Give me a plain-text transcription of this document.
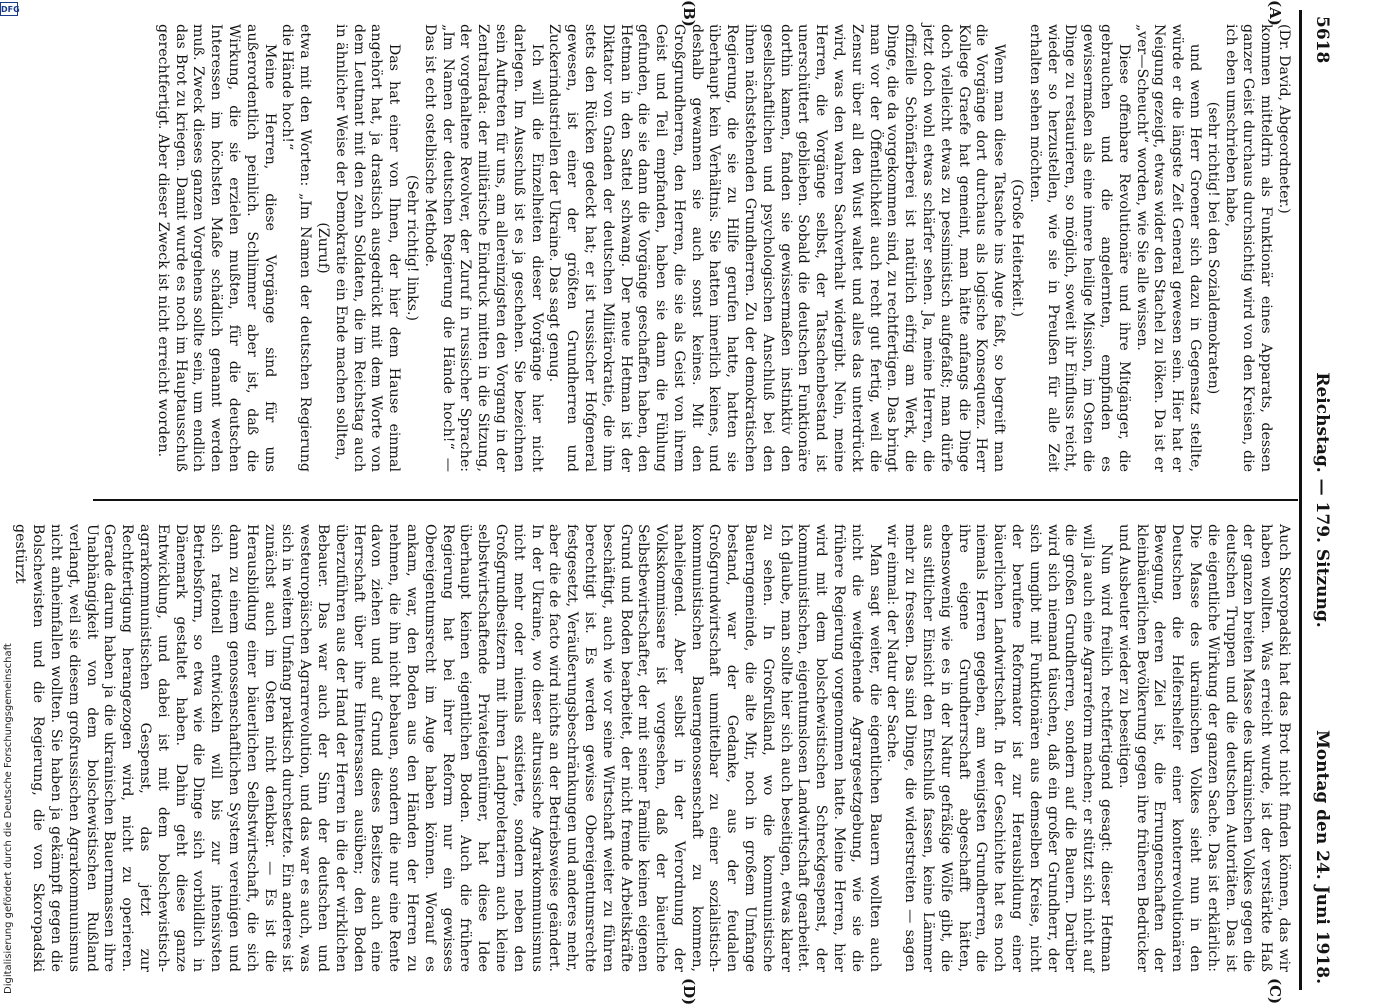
5618
Reichstag. — 179. Sitzung.
Montag den 24. Juni 1918.
(A)
(B)
(C)
(D)

(Dr. David, Abgeordneter.)

kommen mitteldrin als Funktionär eines Apparats, dessen ganzer Geist durchaus durchsichtig wird von den Kreisen, die ich eben umschrieben habe,

(sehr richtig! bei den Sozialdemokraten)

und wenn Herr Groener sich dazu in Gegensatz stellte, würde er die längste Zeit General gewesen sein. Hier hat er Neigung gezeigt, etwas wider den Stachel zu löken. Da ist er „ver—Scheucht“ worden, wie Sie alle wissen.

Diese offenbare Revolutionäre und ihre Mitgänger, die gebrauchen und die angelernten, empfinden es gewissermaßen als eine innere heilige Mission, im Osten die Dinge zu restaurieren, so möglich, soweit ihr Einfluss reicht, wieder so herzustellen, wie sie in Preußen für alle Zeit erhalten sehen möchten.

(Große Heiterkeit.)

Wenn man diese Tatsache ins Auge faßt, so begreift man die Vorgänge dort durchaus als logische Konsequenz. Herr Kollege Graefe hat gemeint, man hätte anfangs die Dinge doch vielleicht etwas zu pessimistisch aufgefaßt; man dürfe jetzt doch wohl etwas schärfer sehen. Ja, meine Herren, die offizielle Schönfärberei ist natürlich eifrig am Werk, die Dinge, die da vorgekommen sind, zu rechtfertigen. Das bringt man vor der Öffentlichkeit auch recht gut fertig, weil die Zensur über all den Wust waltet und alles das unterdrückt wird, was den wahren Sachverhalt widergibt. Nein, meine Herren, die Vorgänge selbst, der Tatsachenbestand ist unerschüttert geblieben. Sobald die deutschen Funktionäre dorthin kamen, fanden sie gewissermaßen instinktiv den gesellschaftlichen und psychologischen Anschluß bei den ihnen nächststehenden Grundherren. Zu der demokratischen Regierung, die sie zu Hilfe gerufen hatte, hatten sie überhaupt kein Verhältnis. Sie hatten innerlich keines, und deshalb gewannen sie auch sonst keines. Mit den Großgrundherren, den Herren, die sie als Geist von ihrem Geist und Teil empfanden, haben sie dann die Fühlung gefunden, die sie dann die Vorgänge geschaffen haben, den Hetman in den Sattel schwang. Der neue Hetman ist der Diktator von Gnaden der deutschen Militärokratie, die ihm stets den Rücken gedeckt hat; er ist russischer Hofgeneral gewesen, ist einer der größten Grundherren und Zuckerindustriellen der Ukraine. Das sagt genug.

Ich will die Einzelheiten dieser Vorgänge hier nicht darlegen. Im Ausschuß ist es ja geschehen. Sie bezeichnen sein Auftreten für uns, am allereinzigsten den Vorgang in der Zentralrada: der militärische Eindruck mitten in die Sitzung, der vorgehaltene Revolver, der Zuruf in russischer Sprache: „Im Namen der deutschen Regierung die Hände hoch!“ — Das ist echt ostelbische Methode.

(Sehr richtig! links.)

Das hat einer von Ihnen, der hier dem Hause einmal angehört hat, ja drastisch ausgedrückt mit dem Worte von dem Leutnant mit den zehn Soldaten, die im Reichstag auch in ähnlicher Weise der Demokratie ein Ende machen sollten,

(Zuruf)

etwa mit den Worten: „Im Namen der deutschen Regierung die Hände hoch!“

Meine Herren, diese Vorgänge sind für uns außerordentlich peinlich. Schlimmer aber ist, daß die Wirkung, die sie erzielen mußten, für die deutschen Interessen im höchsten Maße schädlich genannt werden muß. Zweck dieses ganzen Vorgehens sollte sein, um endlich das Brot zu kriegen. Damit wurde es noch im Hauptausschuß gerechtfertigt. Aber dieser Zweck ist nicht erreicht worden.

Auch Skoropadski hat das Brot nicht finden können, das wir haben wollten. Was erreicht wurde, ist der verstärkte Haß der ganzen breiten Masse des ukrainischen Volkes gegen die deutschen Truppen und die deutschen Autoritäten. Das ist die eigentliche Wirkung der ganzen Sache. Das ist erklärlich: Die Masse des ukrainischen Volkes sieht nun in den Deutschen die Helfershelfer einer konterrevolutionären Bewegung, deren Ziel ist, die Errungenschaften der kleinbäuerlichen Bevölkerung gegen ihre früheren Bedrücker und Ausbeuter wieder zu beseitigen.

Nun wird freilich rechtfertigend gesagt: dieser Hetman will ja auch eine Agrarreform machen; er stützt sich nicht auf die großen Grundherren, sondern auf die Bauern. Darüber wird sich niemand täuschen, daß ein großer Grundherr, der sich umgibt mit Funktionären aus demselben Kreise, nicht der berufene Reformator ist zur Herausbildung einer bäuerlichen Landwirtschaft. In der Geschichte hat es noch niemals Herren gegeben, am wenigsten Grundherren, die ihre eigene Grundherrschaft abgeschafft hätten, ebensowenig wie es in der Natur gefräßige Wölfe gibt, die aus sittlicher Einsicht den Entschluß fassen, keine Lämmer mehr zu fressen. Das sind Dinge, die widerstreiten — sagen wir einmal: der Natur der Sache.

Man sagt weiter, die eigentlichen Bauern wollten auch nicht die weitgehende Agrargesetzgebung, wie sie die frühere Regierung vorgenommen hatte. Meine Herren, hier wird mit dem bolschewistischen Schreckgespenst, der kommunistischen, eigentumslosen Landwirtschaft gearbeitet. Ich glaube, man sollte hier sich auch beseitigen, etwas klarer zu sehen. In Großrußland, wo die kommunistische Bauerngemeinde, die alte Mir, noch in großem Umfange bestand, war der Gedanke, aus der feudalen Großgrundwirtschaft unmittelbar zu einer sozialistisch-kommunistischen Bauerngenossenschaft zu kommen, naheliegend. Aber selbst in der Verordnung der Volkskommissare ist vorgesehen, daß der bäuerliche Selbstbewirtschafter, der mit seiner Familie keinen eigenen Grund und Boden bearbeitet, der nicht fremde Arbeitskräfte beschäftigt, auch wie vor seine Wirtschaft weiter zu führen berechtigt ist. Es werden gewisse Obereigentumsrechte festgesetzt, Veräußerungsbeschränkungen und anderes mehr, aber die de facto wird nichts an der Betriebsweise geändert. In der Ukraine, wo dieser altrussische Agrarkommunismus nicht mehr oder niemals existierte, sondern neben den Großgrundbesitzern mit ihren Landproletariern auch kleine selbstwirtschaftende Privateigentümer, hat diese Idee überhaupt keinen eigentlichen Boden. Auch die frühere Regierung hat bei ihrer Reform nur ein gewisses Obereigentumsrecht im Auge haben können. Worauf es ankam, war, den Boden aus den Händen der Herren zu nehmen, die ihn nicht bebauen, sondern die nur eine Rente davon ziehen und auf Grund dieses Besitzes auch eine Herrschaft über ihre Hintersassen ausüben; den Boden überzuführen aus der Hand der Herren in die der wirklichen Bebauer. Das war auch der Sinn der deutschen und westeuropäischen Agrarrevolution, und das war es auch, was sich in weitem Umfang praktisch durchsetzte. Ein anderes ist zunächst auch im Osten nicht denkbar. — Es ist die Herausbildung einer bäuerlichen Selbstwirtschaft, die sich dann zu einem genossenschaftlichen System vereinigen und sich rationell entwickeln will bis zur intensivsten Betriebsform, so etwa wie die Dinge sich vorbildlich in Dänemark gestaltet haben. Dahin geht diese ganze Entwicklung, und dabei ist mit dem bolschewistisch-agrarkommunistischen Gespenst, das jetzt zur Rechtfertigung herangezogen wird, nicht zu operieren. Gerade darum haben ja die ukrainischen Bauernmassen ihre Unabhängigkeit von dem bolschewistischen Rußland verlangt, weil sie diesem großrussischen Agrarkommunismus nicht anheimfallen wollten. Sie haben ja gekämpft gegen die Bolschewisten und die Regierung, die von Skoropadski gestürzt

Digitalisierung gefördert durch die Deutsche Forschungsgemeinschaft
DFG
